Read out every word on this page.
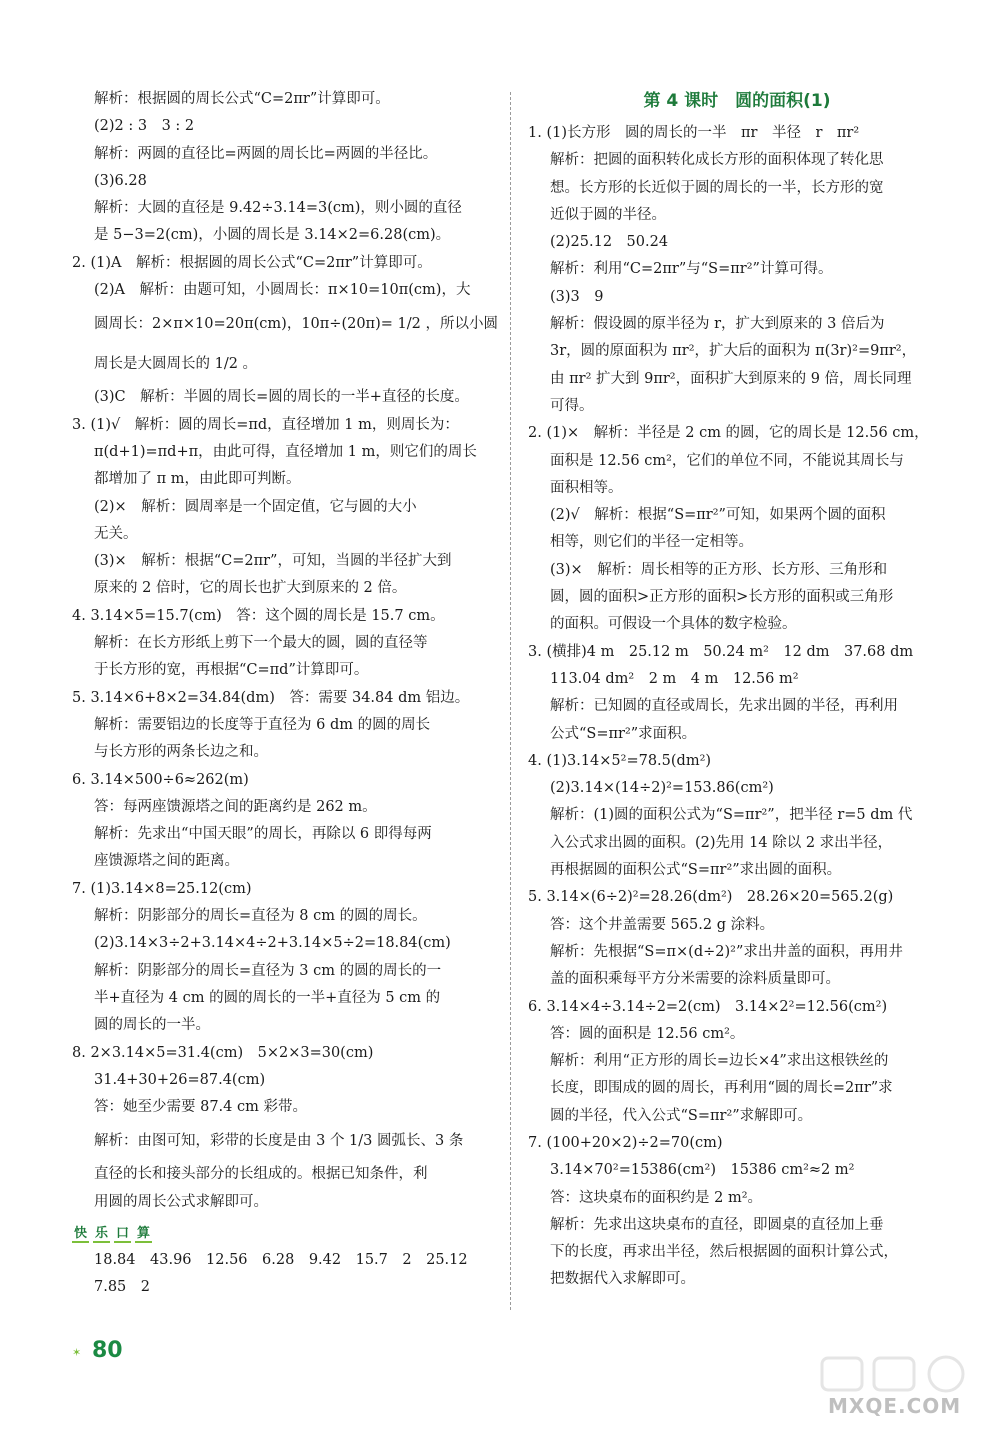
解析：根据圆的周长公式“C=2πr”计算即可。
(2)2 : 3　3 : 2
解析：两圆的直径比=两圆的周长比=两圆的半径比。
(3)6.28
解析：大圆的直径是 9.42÷3.14=3(cm)，则小圆的直径
是 5−3=2(cm)，小圆的周长是 3.14×2=6.28(cm)。
2. (1)A　解析：根据圆的周长公式“C=2πr”计算即可。
(2)A　解析：由题可知，小圆周长：π×10=10π(cm)，大
圆周长：2×π×10=20π(cm)，10π÷(20π)= 1/2 ，所以小圆
周长是大圆周长的 1/2 。
(3)C　解析：半圆的周长=圆的周长的一半+直径的长度。
3. (1)√　解析：圆的周长=πd，直径增加 1 m，则周长为：
π(d+1)=πd+π，由此可得，直径增加 1 m，则它们的周长
都增加了 π m，由此即可判断。
(2)×　解析：圆周率是一个固定值，它与圆的大小
无关。
(3)×　解析：根据“C=2πr”，可知，当圆的半径扩大到
原来的 2 倍时，它的周长也扩大到原来的 2 倍。
4. 3.14×5=15.7(cm)　答：这个圆的周长是 15.7 cm。
解析：在长方形纸上剪下一个最大的圆，圆的直径等
于长方形的宽，再根据“C=πd”计算即可。
5. 3.14×6+8×2=34.84(dm)　答：需要 34.84 dm 铝边。
解析：需要铝边的长度等于直径为 6 dm 的圆的周长
与长方形的两条长边之和。
6. 3.14×500÷6≈262(m)
答：每两座馈源塔之间的距离约是 262 m。
解析：先求出“中国天眼”的周长，再除以 6 即得每两
座馈源塔之间的距离。
7. (1)3.14×8=25.12(cm)
解析：阴影部分的周长=直径为 8 cm 的圆的周长。
(2)3.14×3÷2+3.14×4÷2+3.14×5÷2=18.84(cm)
解析：阴影部分的周长=直径为 3 cm 的圆的周长的一
半+直径为 4 cm 的圆的周长的一半+直径为 5 cm 的
圆的周长的一半。
8. 2×3.14×5=31.4(cm)　5×2×3=30(cm)
31.4+30+26=87.4(cm)
答：她至少需要 87.4 cm 彩带。
解析：由图可知，彩带的长度是由 3 个 1/3 圆弧长、3 条
直径的长和接头部分的长组成的。根据已知条件，利
用圆的周长公式求解即可。
快 乐 口 算
18.84　43.96　12.56　6.28　9.42　15.7　2　25.12
7.85　2
第 4 课时　圆的面积(1)
1. (1)长方形　圆的周长的一半　πr　半径　r　πr²
解析：把圆的面积转化成长方形的面积体现了转化思
想。长方形的长近似于圆的周长的一半，长方形的宽
近似于圆的半径。
(2)25.12　50.24
解析：利用“C=2πr”与“S=πr²”计算可得。
(3)3　9
解析：假设圆的原半径为 r，扩大到原来的 3 倍后为
3r，圆的原面积为 πr²，扩大后的面积为 π(3r)²=9πr²，
由 πr² 扩大到 9πr²，面积扩大到原来的 9 倍，周长同理
可得。
2. (1)×　解析：半径是 2 cm 的圆，它的周长是 12.56 cm，
面积是 12.56 cm²，它们的单位不同，不能说其周长与
面积相等。
(2)√　解析：根据“S=πr²”可知，如果两个圆的面积
相等，则它们的半径一定相等。
(3)×　解析：周长相等的正方形、长方形、三角形和
圆，圆的面积>正方形的面积>长方形的面积或三角形
的面积。可假设一个具体的数字检验。
3. (横排)4 m　25.12 m　50.24 m²　12 dm　37.68 dm
113.04 dm²　2 m　4 m　12.56 m²
解析：已知圆的直径或周长，先求出圆的半径，再利用
公式“S=πr²”求面积。
4. (1)3.14×5²=78.5(dm²)
(2)3.14×(14÷2)²=153.86(cm²)
解析：(1)圆的面积公式为“S=πr²”，把半径 r=5 dm 代
入公式求出圆的面积。(2)先用 14 除以 2 求出半径，
再根据圆的面积公式“S=πr²”求出圆的面积。
5. 3.14×(6÷2)²=28.26(dm²)　28.26×20=565.2(g)
答：这个井盖需要 565.2 g 涂料。
解析：先根据“S=π×(d÷2)²”求出井盖的面积，再用井
盖的面积乘每平方分米需要的涂料质量即可。
6. 3.14×4÷3.14÷2=2(cm)　3.14×2²=12.56(cm²)
答：圆的面积是 12.56 cm²。
解析：利用“正方形的周长=边长×4”求出这根铁丝的
长度，即围成的圆的周长，再利用“圆的周长=2πr”求
圆的半径，代入公式“S=πr²”求解即可。
7. (100+20×2)÷2=70(cm)
3.14×70²=15386(cm²)　15386 cm²≈2 m²
答：这块桌布的面积约是 2 m²。
解析：先求出这块桌布的直径，即圆桌的直径加上垂
下的长度，再求出半径，然后根据圆的面积计算公式，
把数据代入求解即可。
✶ 80
MXQE.COM
